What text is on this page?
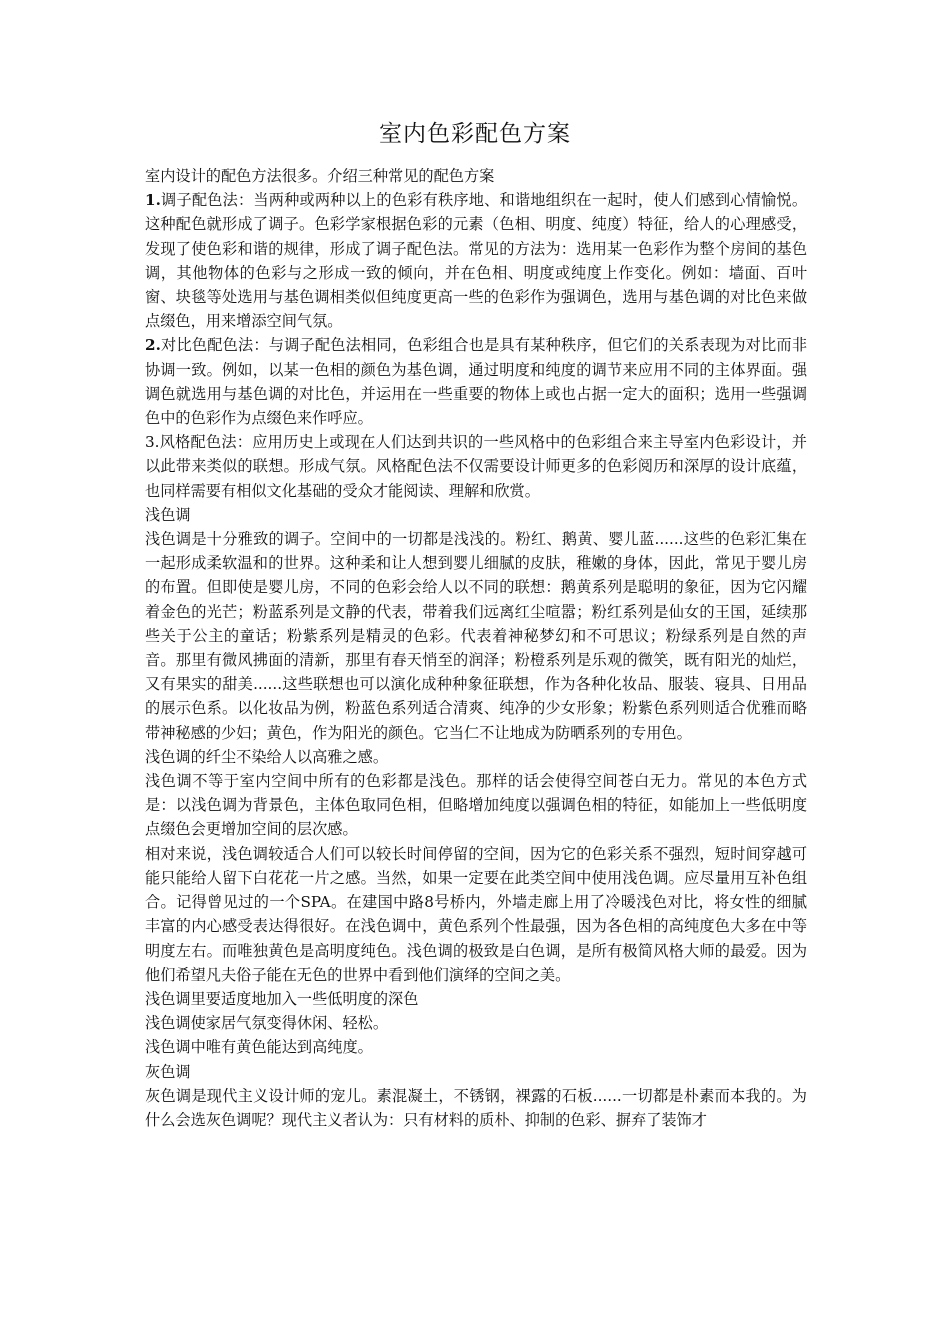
室内色彩配色方案

室内设计的配色方法很多。介绍三种常见的配色方案

1.调子配色法：当两种或两种以上的色彩有秩序地、和谐地组织在一起时，使人们感到心情愉悦。这种配色就形成了调子。色彩学家根据色彩的元素（色相、明度、纯度）特征，给人的心理感受，发现了使色彩和谐的规律，形成了调子配色法。常见的方法为：选用某一色彩作为整个房间的基色调，其他物体的色彩与之形成一致的倾向，并在色相、明度或纯度上作变化。例如：墙面、百叶窗、块毯等处选用与基色调相类似但纯度更高一些的色彩作为强调色，选用与基色调的对比色来做点缀色，用来增添空间气氛。

2.对比色配色法：与调子配色法相同，色彩组合也是具有某种秩序，但它们的关系表现为对比而非协调一致。例如，以某一色相的颜色为基色调，通过明度和纯度的调节来应用不同的主体界面。强调色就选用与基色调的对比色，并运用在一些重要的物体上或也占据一定大的面积；选用一些强调色中的色彩作为点缀色来作呼应。

3.风格配色法：应用历史上或现在人们达到共识的一些风格中的色彩组合来主导室内色彩设计，并以此带来类似的联想。形成气氛。风格配色法不仅需要设计师更多的色彩阅历和深厚的设计底蕴，也同样需要有相似文化基础的受众才能阅读、理解和欣赏。

浅色调

浅色调是十分雅致的调子。空间中的一切都是浅浅的。粉红、鹅黄、婴儿蓝......这些的色彩汇集在一起形成柔软温和的世界。这种柔和让人想到婴儿细腻的皮肤，稚嫩的身体，因此，常见于婴儿房的布置。但即使是婴儿房，不同的色彩会给人以不同的联想：鹅黄系列是聪明的象征，因为它闪耀着金色的光芒；粉蓝系列是文静的代表，带着我们远离红尘喧嚣；粉红系列是仙女的王国，延续那些关于公主的童话；粉紫系列是精灵的色彩。代表着神秘梦幻和不可思议；粉绿系列是自然的声音。那里有微风拂面的清新，那里有春天悄至的润泽；粉橙系列是乐观的微笑，既有阳光的灿烂，又有果实的甜美......这些联想也可以演化成种种象征联想，作为各种化妆品、服装、寝具、日用品的展示色系。以化妆品为例，粉蓝色系列适合清爽、纯净的少女形象；粉紫色系列则适合优雅而略带神秘感的少妇；黄色，作为阳光的颜色。它当仁不让地成为防晒系列的专用色。

浅色调的纤尘不染给人以高雅之感。

浅色调不等于室内空间中所有的色彩都是浅色。那样的话会使得空间苍白无力。常见的本色方式是：以浅色调为背景色，主体色取同色相，但略增加纯度以强调色相的特征，如能加上一些低明度点缀色会更增加空间的层次感。

相对来说，浅色调较适合人们可以较长时间停留的空间，因为它的色彩关系不强烈，短时间穿越可能只能给人留下白花花一片之感。当然，如果一定要在此类空间中使用浅色调。应尽量用互补色组合。记得曾见过的一个SPA。在建国中路8号桥内，外墙走廊上用了冷暖浅色对比，将女性的细腻丰富的内心感受表达得很好。在浅色调中，黄色系列个性最强，因为各色相的高纯度色大多在中等明度左右。而唯独黄色是高明度纯色。浅色调的极致是白色调，是所有极简风格大师的最爱。因为他们希望凡夫俗子能在无色的世界中看到他们演绎的空间之美。

浅色调里要适度地加入一些低明度的深色

浅色调使家居气氛变得休闲、轻松。

浅色调中唯有黄色能达到高纯度。

灰色调

灰色调是现代主义设计师的宠儿。素混凝土，不锈钢，裸露的石板......一切都是朴素而本我的。为什么会选灰色调呢？现代主义者认为：只有材料的质朴、抑制的色彩、摒弃了装饰才
